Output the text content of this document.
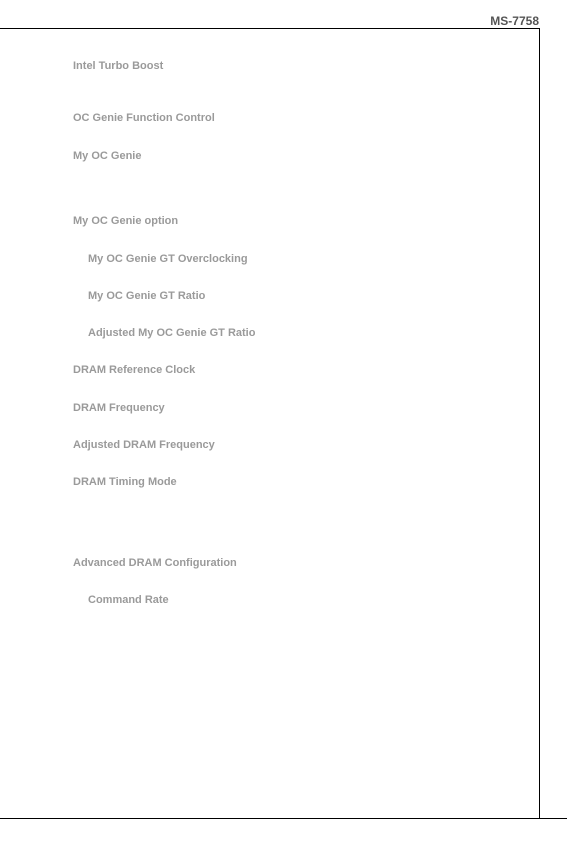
MS-7758
Intel Turbo Boost
OC Genie Function Control
My OC Genie
My OC Genie option
My OC Genie GT Overclocking
My OC Genie GT Ratio
Adjusted My OC Genie GT Ratio
DRAM Reference Clock
DRAM Frequency
Adjusted DRAM Frequency
DRAM Timing Mode
Advanced DRAM Configuration
Command Rate
